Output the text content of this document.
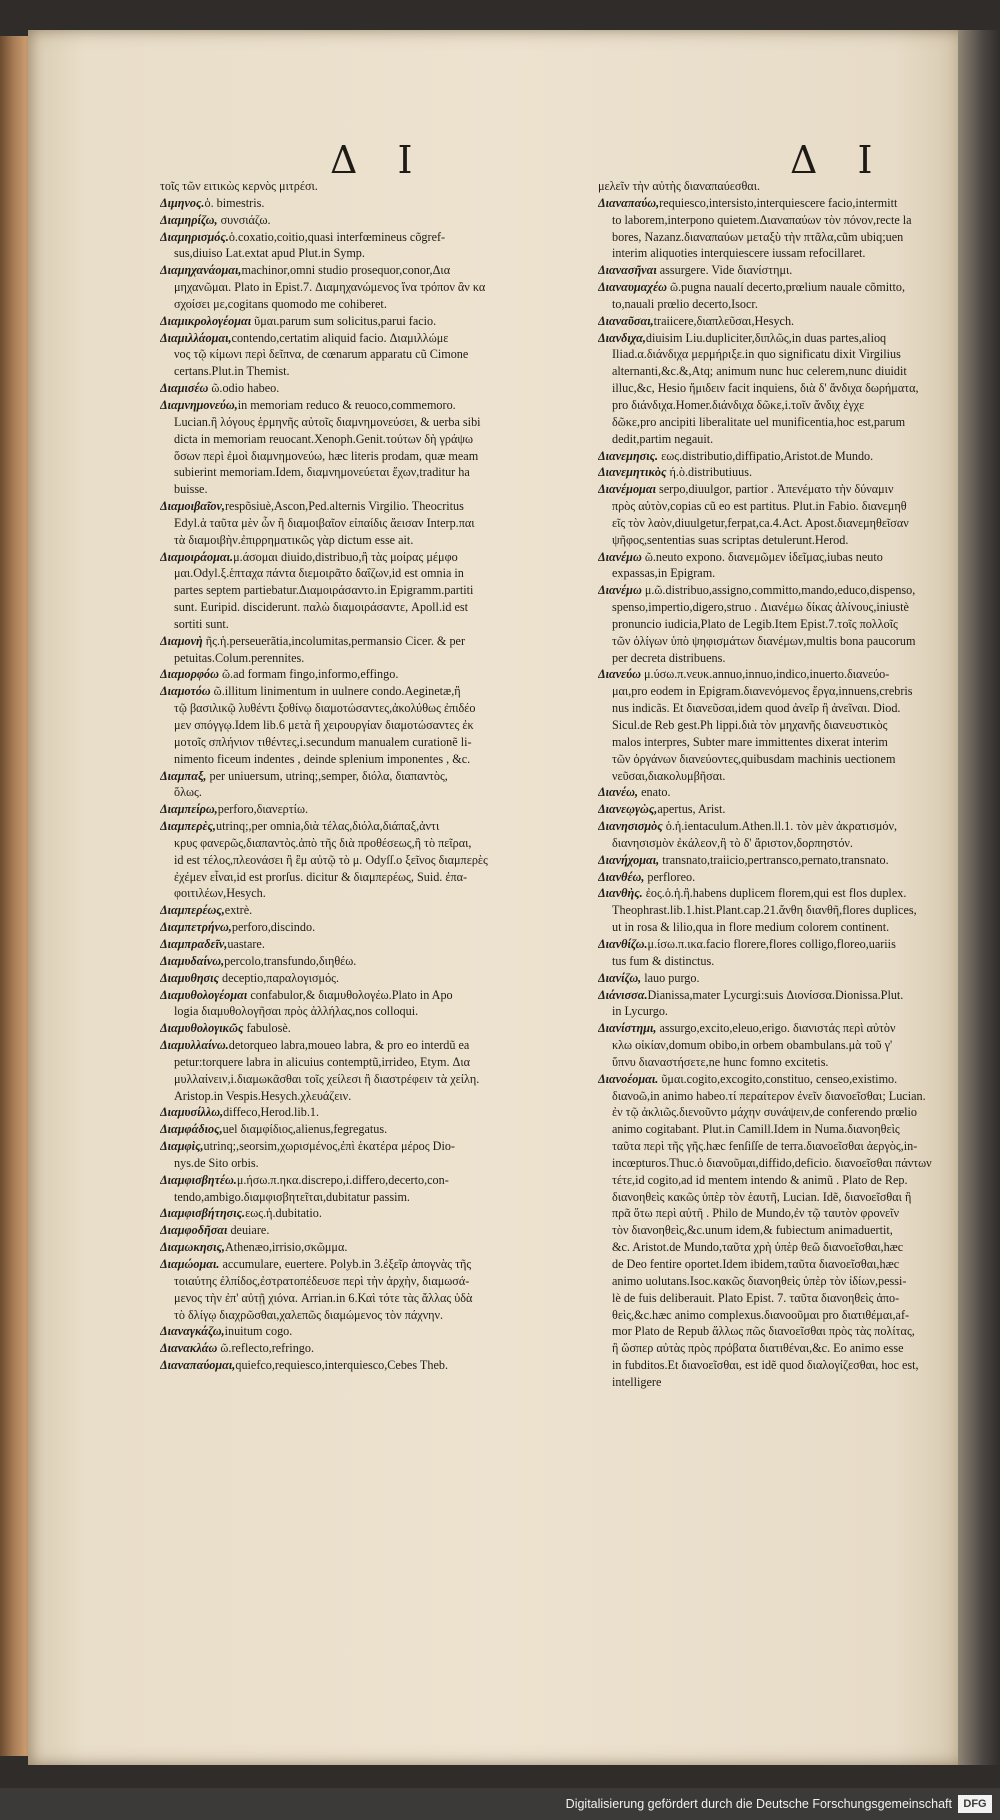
Δ Ι	Δ Ι
τοῖς τῶν ειτικὼς κερνὸς μιτρέσι.
Διμηνος.ὁ. bimestris.
Διαμηρίζω, συνσιάζω.
Διαμηρισμός.ὁ.coxatio,coitio,quasi interfœmineus cõgref-
sus,diuiso Lat.extat apud Plut.in Symp.
Διαμηχανάομαι,machinor,omni studio prosequor,conor,Δια
μηχανῶμαι. Plato in Epist.7. Διαμηχανώμενος ἵνα τρόπον ἂν κα
σχοίσει με,cogitans quomodo me cohiberet.
Διαμικρολογέομαι ῦμαι.parum sum solicitus,parui facio.
Διαμιλλάομαι,contendo,certatim aliquid facio. Διαμιλλώμε
νος τῷ κίμωνι περὶ δεῖπνα, de cœnarum apparatu cũ Cimone
certans.Plut.in Themist.
Διαμισέω ῶ.odio habeo.
Διαμνημονεύω,in memoriam reduco & reuoco,commemoro.
Lucian.ἢ λόγους ἑρμηνῆς αὐτοῖς διαμνημονεύσει, & uerba sibi
dicta in memoriam reuocant.Xenoph.Genit.τούτων δὴ γράψω
ὅσων περὶ ἐμοὶ διαμνημονεύω, hæc literis prodam, quæ meam
subierint memoriam.Idem, διαμνημονεύεται ἔχων,traditur ha
buisse.
Διαμοιβαῖον,respõsiuè,Ascon,Ped.alternis Virgilio. Theocritus
Edyl.ἁ ταῦτα μὲν ὧν ἢ διαμοιβαῖον εἰπαίδις ἄεισαν Interp.παι
τὰ διαμοιβὴν.ἐπιρρηματικῶς γὰρ dictum esse ait.
Διαμοιράομαι.μ.άσομαι diuido,distribuo,ἢ τὰς μοίρας μέμφο
μαι.Odyl.ξ.ἑπταχα πάντα διεμοιρᾶτο δαΐζων,id est omnia in
partes septem partiebatur.Διαμοιράσαντο.in Epigramm.partiti
sunt. Euripid. disciderunt. παλὼ διαμοιράσαντε, Apoll.id est
sortiti sunt.
Διαμονὴ ῆς.ἡ.perseuerãtia,incolumitas,permansio Cicer. & per
petuitas.Colum.perennites.
Διαμορφόω ῶ.ad formam fingo,informo,effingo.
Διαμοτόω ῶ.illitum linimentum in uulnere condo.Aeginetæ,ἢ
τῷ βασιλικῷ λυθέντι ξοθίνῳ διαμοτώσαντες,ἀκολύθως ἐπιδέο
μεν σπόγγῳ.Idem lib.6 μετὰ ἢ χειρουργίαν διαμοτώσαντες ἐκ
μοτοῖς σπλήνιον τιθέντες,i.secundum manualem curationẽ li-
nimento ficeum indentes , deinde splenium imponentes , &c.
Διαμπαξ, per uniuersum, utrinq;,semper, διόλα, διαπαντὸς,
ὅλως.
Διαμπείρω,perforo,διανερτίω.
Διαμπερὲς,utrinq;,per omnia,διὰ τέλας,διόλα,διάπαξ,ἀντι
κρυς φανερῶς,διαπαντὸς.ἀπὸ τῆς διὰ προθέσεως,ἢ τὸ πεῖραι,
id est τέλος,πλεονάσει ἢ ἓμ αὐτῷ τὸ μ. Odyſſ.ο ξεῖνος διαμπερὲς
ἐχέμεν εἶναι,id est prorſus. dicitur & διαμπερέως, Suid. ἐπα-
φοιτιλέων,Hesych.
Διαμπερέως,extrè.
Διαμπετρήνω,perforo,discindo.
Διαμπραδεῖν,uastare.
Διαμυδαίνω,percolo,transfundo,διηθέω.
Διαμυθησις deceptio,παραλογισμός.
Διαμυθολογέομαι confabulor,& διαμυθολογέω.Plato in Apo
logia διαμυθολογῆσαι πρὸς ἀλλήλας,nos colloqui.
Διαμυθολογικῶς fabulosè.
Διαμυλλαίνω.detorqueo labra,moueo labra, & pro eo interdũ ea
petur:torquere labra in alicuius contemptũ,irrideo, Etym. Δια
μυλλαίνειν,i.διαμωκᾶσθαι τοῖς χείλεσι ἢ διαστρέφειν τὰ χείλη.
Aristop.in Vespis.Hesych.χλευάζειν.
Διαμυσίλλω,diffeco,Herod.lib.1.
Διαμφάδιος,uel διαμφίδιος,alienus,fegregatus.
Διαμφὶς,utrinq;,seorsim,χωρισμένος,ἐπὶ ἑκατέρα μέρος Dio-
nys.de Sito orbis.
Διαμφισβητέω.μ.ήσω.π.ηκα.discrepo,i.differo,decerto,con-
tendo,ambigo.διαμφισβητεῖται,dubitatur passim.
Διαμφισβήτησις.εως.ἡ.dubitatio.
Διαμφοδῆσαι deuiare.
Διαμωκησις,Athenæo,irrisio,σκῶμμα.
Διαμώομαι. accumulare, euertere. Polyb.in 3.ἐξεῖρ ἀπογνὰς τῆς
τοιαύτης ἐλπίδος,ἐστρατοπέδευσε περὶ τὴν ἀρχὴν, διαμωσά-
μενος τὴν ἐπ' αὐτῇ χιόνα. Arrian.in 6.Καὶ τότε τὰς ἄλλας ὑδὰ
τὸ δλίγῳ διαχρῶσθαι,χαλεπῶς διαμώμενος τὸν πάχνην.
Διαναγκάζω,inuitum cogo.
Διανακλάω ῶ.reflecto,refringo.
Διαναπαύομαι,quiefco,requiesco,interquiesco,Cebes Theb.
μελεῖν τὴν αὐτὴς διαναπαύεσθαι.
Διαναπαύω,requiesco,intersisto,interquiescere facio,intermitt
to laborem,interpono quietem.Διαναπαύων τὸν πόνον,recte la
bores, Nazanz.διαναπαύων μεταξὺ τὴν πτᾶλα,cũm ubiq;uen
interim aliquoties interquiescere iussam refocillaret.
Διανασῆναι assurgere. Vide διανίστημι.
Διαναυμαχέω ῶ.pugna naualí decerto,prœlium nauale cõmitto,
to,nauali prœlio decerto,Isocr.
Διαναῦσαι,traiicere,διαπλεῦσαι,Hesych.
Διανδιχα,diuisim Liu.dupliciter,διπλῶς,in duas partes,alioq
Iliad.α.διάνδιχα μερμήριξε.in quo significatu dixit Virgilius
alternanti,&c.&,Atq; animum nunc huc celerem,nunc diuidit
illuc,&c, Hesio ἤμιδειν facit inquiens, διὰ δ' ἄνδιχα δωρήματα,
pro διάνδιχα.Homer.διάνδιχα δῶκε,i.τοῖν ἄνδιχ ἐγχε
δῶκε,pro ancipiti liberalitate uel munificentia,hoc est,parum
dedit,partim negauit.
Διανεμησις. εως.distributio,diffipatio,Aristot.de Mundo.
Διανεμητικὸς ή.ὸ.distributiuus.
Διανέμομαι serpo,diuulgor, partior . Ἀπενέματο τὴν δύναμιν
πρὸς αὐτὸν,copias cũ eo est partitus. Plut.in Fabio. διανεμηθ
εῖς τὸν λαὸν,diuulgetur,ferpat,ca.4.Act. Apost.διανεμηθεῖσαν
ψῆφος,sententias suas scriptas detulerunt.Herod.
Διανέμω ῶ.neuto expono. διανεμῶμεν ἰδεῖμας,iubas neuto
expassas,in Epigram.
Διανέμω μ.ῶ.distribuo,assigno,committo,mando,educo,dispenso,
spenso,impertio,digero,struo . Διανέμω δίκας ἀλίνους,iniustè
pronuncio iudicia,Plato de Legib.Item Epist.7.τοῖς πολλοῖς
τῶν ὀλίγων ὑπὸ ψηφισμάτων διανέμων,multis bona paucorum
per decreta distribuens.
Διανεύω μ.ύσω.π.νευκ.annuo,innuo,indico,inuerto.διανεύο-
μαι,pro eodem in Epigram.διανενόμενος ἔργα,innuens,crebris
nus indicãs. Et διανεῦσαι,idem quod ἀνεῖρ ἢ ἀνεῖναι. Diod.
Sicul.de Reb gest.Ph lippi.διὰ τὸν μηχανῆς διανευστικὸς
malos interpres, Subter mare immittentes dixerat interim
τῶν ὀργάνων διανεύοντες,quibusdam machinis uectionem
νεῦσαι,διακολυμβῆσαι.
Διανέω, enato.
Διανεῳγὼς,apertus, Arist.
Διανησισμὸς ὁ.ἡ.ientaculum.Athen.ll.1. τὸν μὲν ἀκρατισμόν,
διανησισμὸν ἐκάλεον,ἢ τὸ δ' ἄριστον,δορπηστόν.
Διανήχομαι, transnato,traiicio,pertransco,pernato,transnato.
Διανθέω, perfloreo.
Διανθὴς. ἐος.ὁ.ἡ.ἢ.habens duplicem florem,qui est flos duplex.
Theophrast.lib.1.hist.Plant.cap.21.ἄνθη διανθῆ,flores duplices,
ut in rosa & lilio,qua in flore medium colorem continent.
Διανθίζω.μ.ίσω.π.ικα.facio florere,flores colligo,floreo,uariis
tus fum & distinctus.
Διανίζω, lauo purgo.
Διάνισσα.Dianissa,mater Lycurgi:suis Διονίσσα.Dionissa.Plut.
in Lycurgo.
Διανίστημι, assurgo,excito,eleuo,erigo. διανιστάς περὶ αὐτὸν
κλω οἰκίαν,domum obibo,in orbem obambulans.μὰ τοῦ γ'
ὕπνυ διαναστήσετε,ne hunc fomno excitetis.
Διανοέομαι. ῦμαι.cogito,excogito,constituo, censeo,existimo.
διανοῶ,in animo habeo.τί περαίτερον ἐνεῖν διανοεῖσθαι; Lucian.
ἐν τῷ ἀκλιῶς.διενοῦντο μάχην συνάψειν,de conferendo prœlio
animo cogitabant. Plut.in Camill.Idem in Numa.διανοηθεὶς
ταῦτα περὶ τῆς γῆς.hæc fenſiſſe de terra.διανοεῖσθαι ἀεργὸς,in-
incœpturos.Thuc.ὁ διανοῦμαι,diffido,deficio. διανοεῖσθαι πάντων
τέτε,id cogito,ad id mentem intendo & animũ . Plato de Rep.
διανοηθεὶς κακῶς ὑπὲρ τὸν ἑαυτῆ, Lucian. Idẽ, διανοεῖσθαι ἢ
πρᾶ ὅτω περὶ αὐτῆ . Philo de Mundo,ἐν τῷ ταυτὸν φρονεῖν
τὸν διανοηθεὶς,&c.unum idem,& fubiectum animaduertit,
&c. Aristot.de Mundo,ταῦτα χρὴ ὑπὲρ θεῶ διανοεῖσθαι,hæc
de Deo fentire oportet.Idem ibidem,ταῦτα διανοεῖσθαι,hæc
animo uolutans.Isoc.κακῶς διανοηθεὶς ὑπὲρ τὸν ἰδίων,pessi-
lè de fuis deliberauit. Plato Epist. 7. ταῦτα διανοηθεὶς ἀπο-
θεὶς,&c.hæc animo complexus.διανοοῦμαι pro διατιθέμαι,af-
mor Plato de Repub ἄλλως πῶς διανοεῖσθαι πρὸς τὰς πολίτας,
ἢ ὥσπερ αὐτὰς πρὸς πρόβατα διατιθέναι,&c. Eo animo esse
in fubditos.Et διανοεῖσθαι, est idẽ quod διαλογίζεσθαι, hoc est,
intelligere
Digitalisierung gefördert durch die Deutsche Forschungsgemeinschaft	DFG
